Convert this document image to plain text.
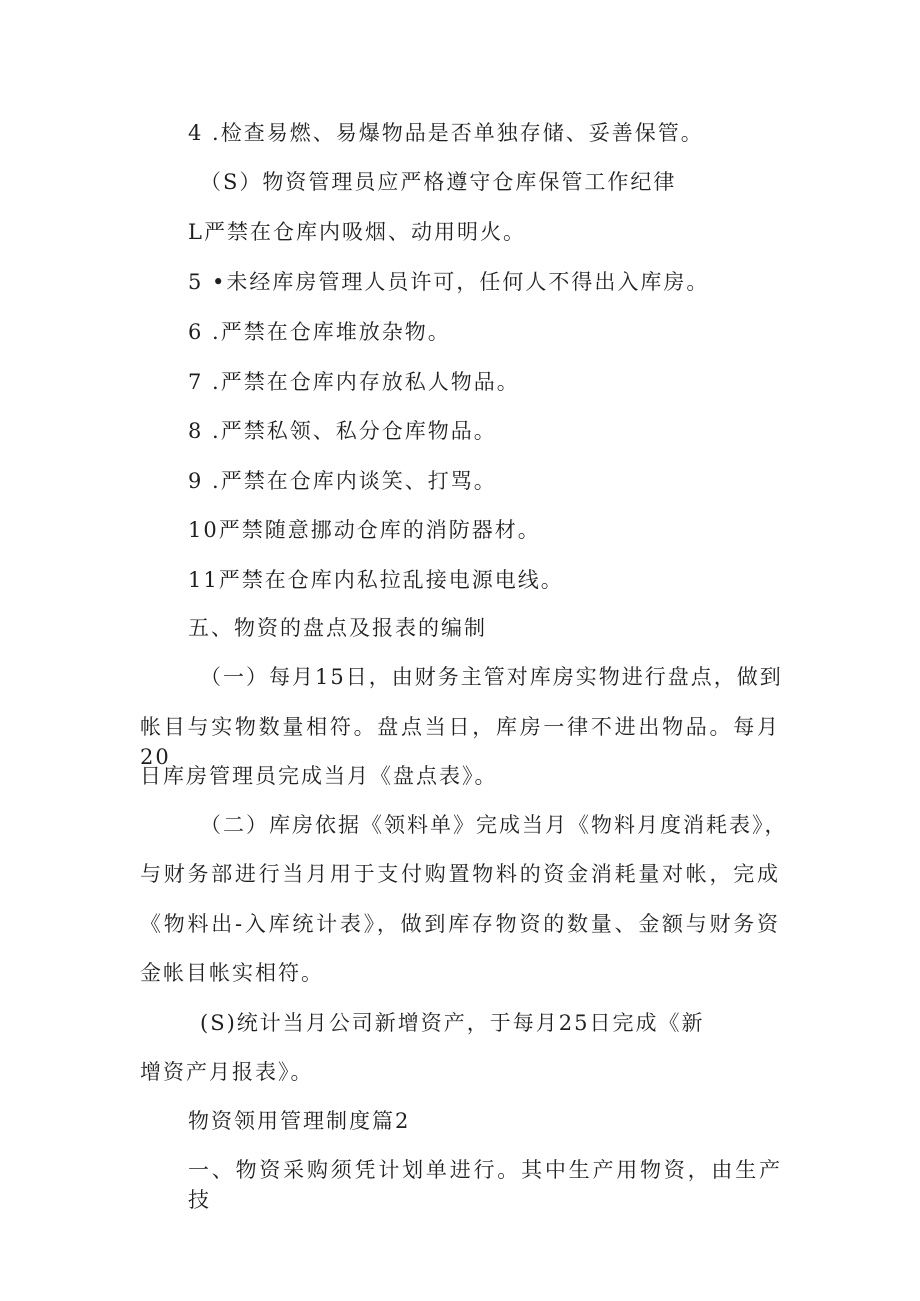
4 .检查易燃、易爆物品是否单独存储、妥善保管。

（S）物资管理员应严格遵守仓库保管工作纪律

L严禁在仓库内吸烟、动用明火。

5 •未经库房管理人员许可，任何人不得出入库房。

6 .严禁在仓库堆放杂物。

7 .严禁在仓库内存放私人物品。

8 .严禁私领、私分仓库物品。

9 .严禁在仓库内谈笑、打骂。

10严禁随意挪动仓库的消防器材。

11严禁在仓库内私拉乱接电源电线。

五、物资的盘点及报表的编制

（一）每月15日，由财务主管对库房实物进行盘点，做到

帐目与实物数量相符。盘点当日，库房一律不进出物品。每月20

日库房管理员完成当月《盘点表》。

（二）库房依据《领料单》完成当月《物料月度消耗表》，

与财务部进行当月用于支付购置物料的资金消耗量对帐，完成

《物料出-入库统计表》，做到库存物资的数量、金额与财务资

金帐目帐实相符。

(S)统计当月公司新增资产，于每月25日完成《新

增资产月报表》。

物资领用管理制度篇2

一、物资采购须凭计划单进行。其中生产用物资，由生产技
